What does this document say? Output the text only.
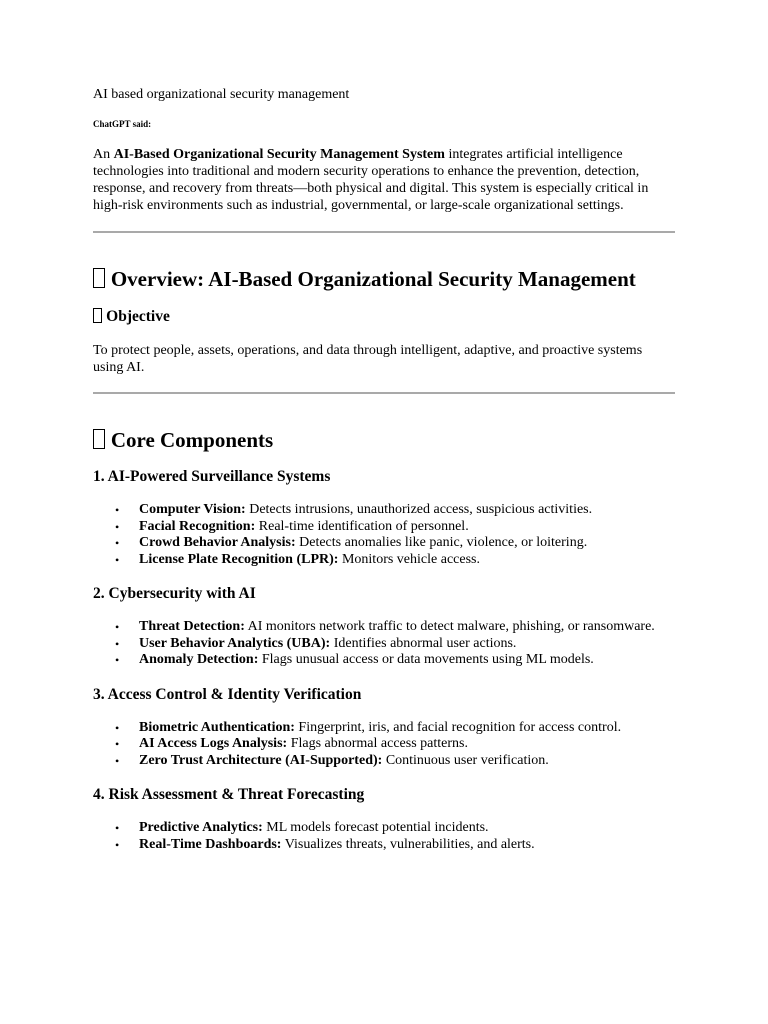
AI based organizational security management

ChatGPT said:

An AI-Based Organizational Security Management System integrates artificial intelligence technologies into traditional and modern security operations to enhance the prevention, detection, response, and recovery from threats—both physical and digital. This system is especially critical in high-risk environments such as industrial, governmental, or large-scale organizational settings.

Overview: AI-Based Organizational Security Management
Objective

To protect people, assets, operations, and data through intelligent, adaptive, and proactive systems using AI.

Core Components
1. AI-Powered Surveillance Systems
• Computer Vision: Detects intrusions, unauthorized access, suspicious activities.
• Facial Recognition: Real-time identification of personnel.
• Crowd Behavior Analysis: Detects anomalies like panic, violence, or loitering.
• License Plate Recognition (LPR): Monitors vehicle access.
2. Cybersecurity with AI
• Threat Detection: AI monitors network traffic to detect malware, phishing, or ransomware.
• User Behavior Analytics (UBA): Identifies abnormal user actions.
• Anomaly Detection: Flags unusual access or data movements using ML models.
3. Access Control & Identity Verification
• Biometric Authentication: Fingerprint, iris, and facial recognition for access control.
• AI Access Logs Analysis: Flags abnormal access patterns.
• Zero Trust Architecture (AI-Supported): Continuous user verification.
4. Risk Assessment & Threat Forecasting
• Predictive Analytics: ML models forecast potential incidents.
• Real-Time Dashboards: Visualizes threats, vulnerabilities, and alerts.
